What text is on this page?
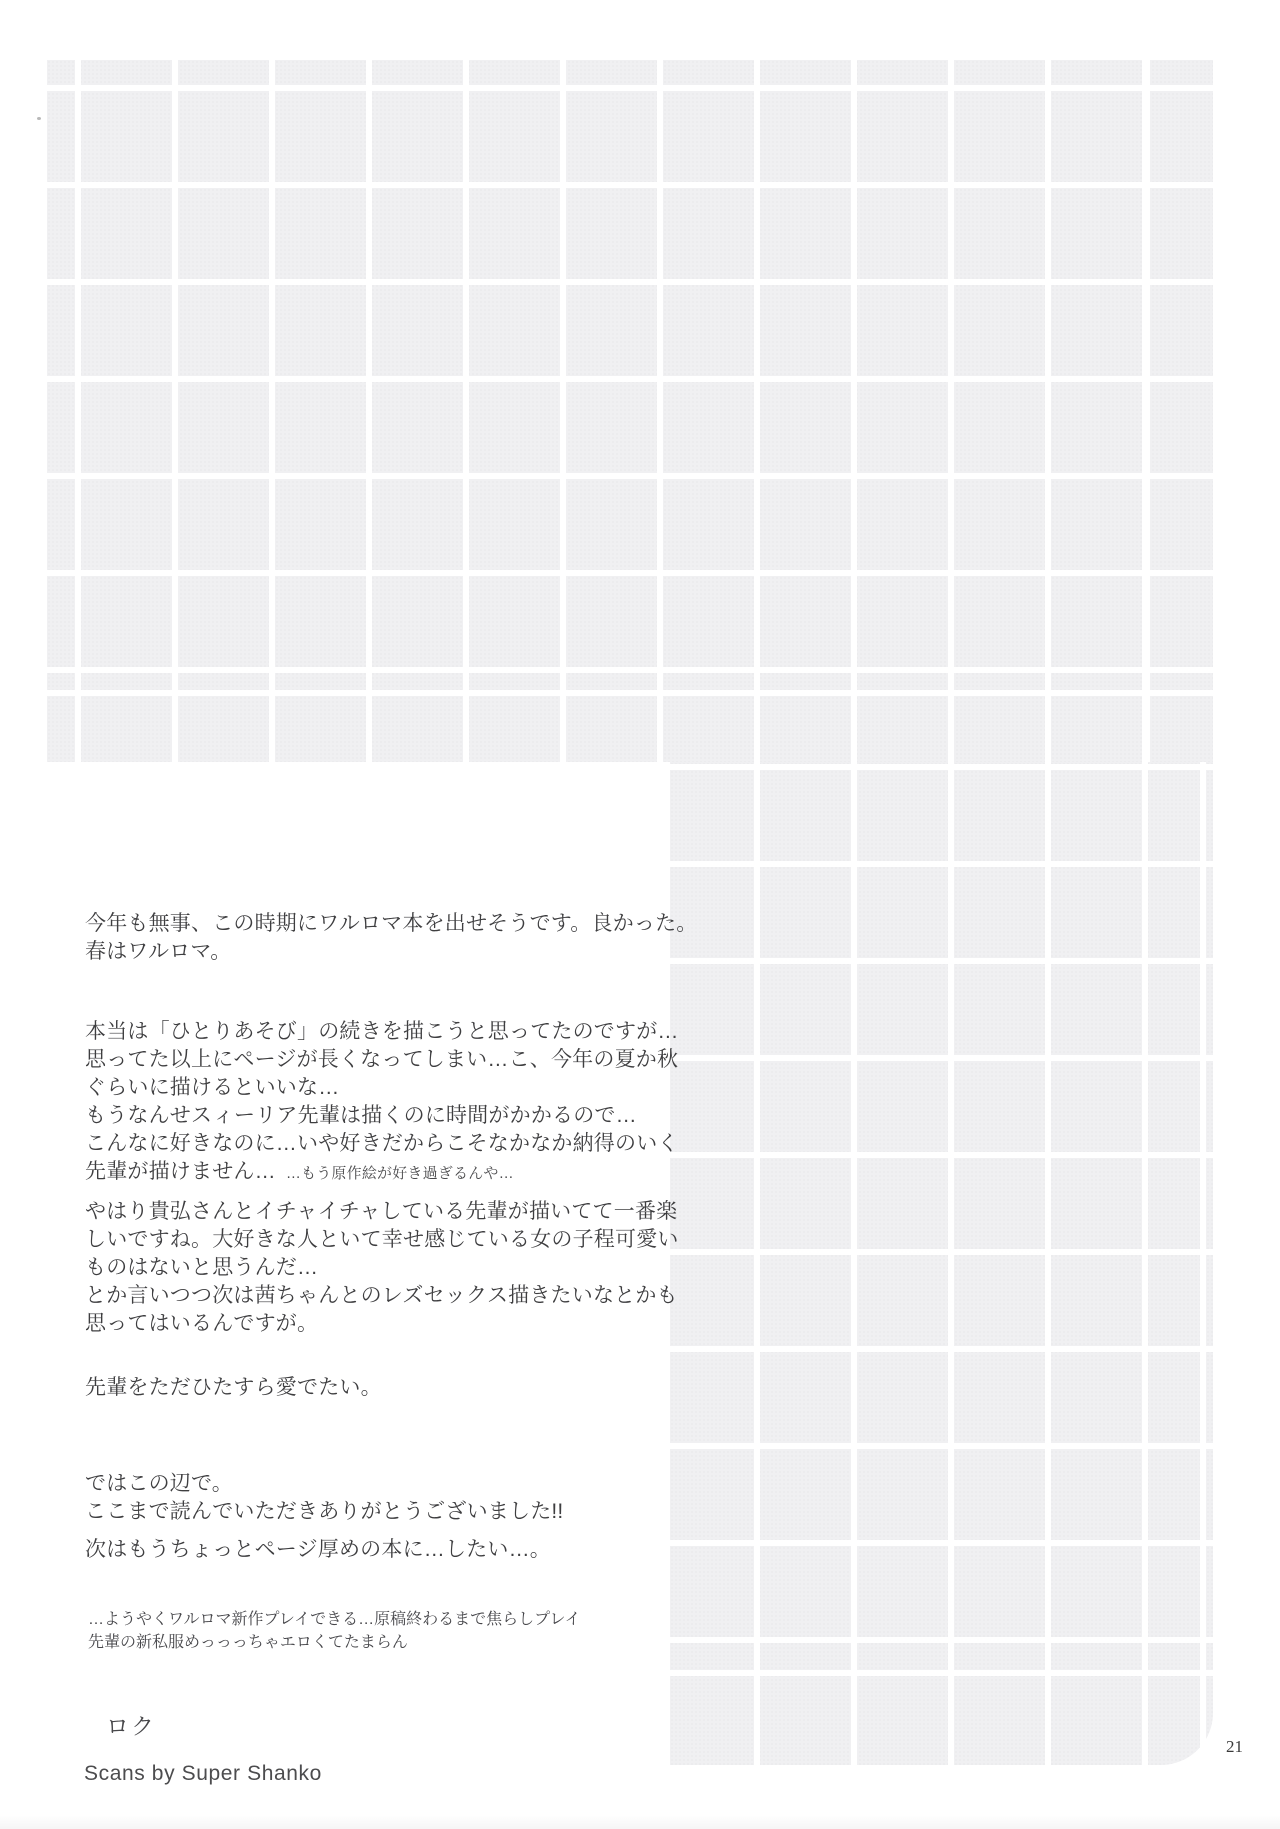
今年も無事、この時期にワルロマ本を出せそうです。良かった。
春はワルロマ。
本当は「ひとりあそび」の続きを描こうと思ってたのですが…
思ってた以上にページが長くなってしまい…こ、今年の夏か秋
ぐらいに描けるといいな…
もうなんせスィーリア先輩は描くのに時間がかかるので…
こんなに好きなのに…いや好きだからこそなかなか納得のいく
先輩が描けません… …もう原作絵が好き過ぎるんや…
やはり貴弘さんとイチャイチャしている先輩が描いてて一番楽
しいですね。大好きな人といて幸せ感じている女の子程可愛い
ものはないと思うんだ…
とか言いつつ次は茜ちゃんとのレズセックス描きたいなとかも
思ってはいるんですが。
先輩をただひたすら愛でたい。
ではこの辺で。
ここまで読んでいただきありがとうございました!!
次はもうちょっとページ厚めの本に…したい…。
…ようやくワルロマ新作プレイできる…原稿終わるまで焦らしプレイ
先輩の新私服めっっっちゃエロくてたまらん
ロク
Scans by Super Shanko
21
